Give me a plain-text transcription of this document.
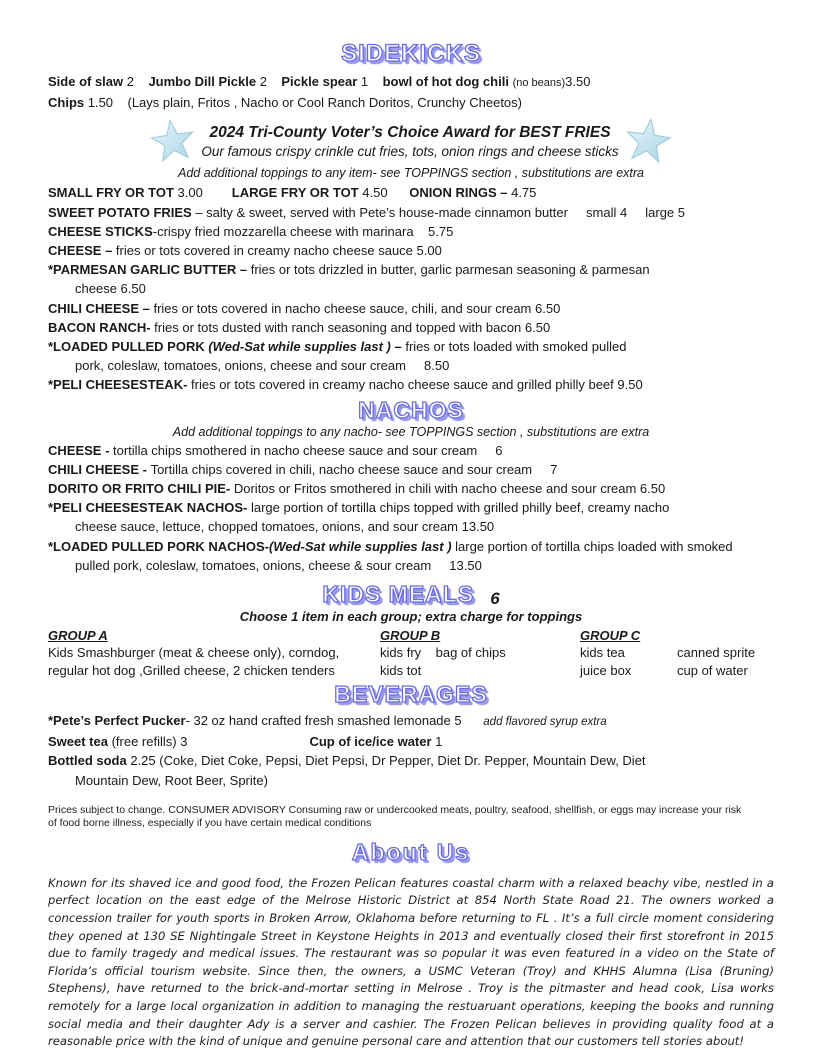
SIDEKICKS
Side of slaw 2 Jumbo Dill Pickle 2 Pickle spear 1 bowl of hot dog chili (no beans)3.50
Chips 1.50    (Lays plain, Fritos , Nacho or Cool Ranch Doritos, Crunchy Cheetos)
2024 Tri-County Voter’s Choice Award for BEST FRIES
Our famous crispy crinkle cut fries, tots, onion rings and cheese sticks
Add additional toppings to any item- see TOPPINGS section , substitutions are extra
SMALL FRY OR TOT 3.00 LARGE FRY OR TOT 4.50 ONION RINGS – 4.75
SWEET POTATO FRIES – salty & sweet, served with Pete’s house-made cinnamon butter     small 4     large 5
CHEESE STICKS-crispy fried mozzarella cheese with marinara    5.75
CHEESE – fries or tots covered in creamy nacho cheese sauce 5.00
*PARMESAN GARLIC BUTTER – fries or tots drizzled in butter, garlic parmesan seasoning & parmesan
cheese 6.50
CHILI CHEESE – fries or tots covered in nacho cheese sauce, chili, and sour cream 6.50
BACON RANCH- fries or tots dusted with ranch seasoning and topped with bacon 6.50
*LOADED PULLED PORK (Wed-Sat while supplies last ) – fries or tots loaded with smoked pulled
pork, coleslaw, tomatoes, onions, cheese and sour cream     8.50
*PELI CHEESESTEAK- fries or tots covered in creamy nacho cheese sauce and grilled philly beef 9.50
NACHOS
Add additional toppings to any nacho- see TOPPINGS section , substitutions are extra
CHEESE - tortilla chips smothered in nacho cheese sauce and sour cream     6
CHILI CHEESE - Tortilla chips covered in chili, nacho cheese sauce and sour cream     7
DORITO OR FRITO CHILI PIE- Doritos or Fritos smothered in chili with nacho cheese and sour cream 6.50
*PELI CHEESESTEAK NACHOS- large portion of tortilla chips topped with grilled philly beef, creamy nacho
cheese sauce, lettuce, chopped tomatoes, onions, and sour cream 13.50
*LOADED PULLED PORK NACHOS-(Wed-Sat while supplies last ) large portion of tortilla chips loaded with smoked
pulled pork, coleslaw, tomatoes, onions, cheese & sour cream     13.50
KIDS MEALS 6
Choose 1 item in each group; extra charge for toppings
GROUP A
Kids Smashburger (meat & cheese only), corndog,
regular hot dog ,Grilled cheese, 2 chicken tenders
GROUP B
kids fry    bag of chips
kids tot
GROUP C
kids tea	canned sprite
juice box	cup of water
BEVERAGES
*Pete’s Perfect Pucker- 32 oz hand crafted fresh smashed lemonade 5      add flavored syrup extra
Sweet tea (free refills) 3	Cup of ice/ice water 1
Bottled soda 2.25 (Coke, Diet Coke, Pepsi, Diet Pepsi, Dr Pepper, Diet Dr. Pepper, Mountain Dew, Diet
Mountain Dew, Root Beer, Sprite)
Prices subject to change. CONSUMER ADVISORY Consuming raw or undercooked meats, poultry, seafood, shellfish, or eggs may increase your risk of food borne illness, especially if you have certain medical conditions
About Us
Known for its shaved ice and good food, the Frozen Pelican features coastal charm with a relaxed beachy vibe, nestled in a perfect location on the east edge of the Melrose Historic District at 854 North State Road 21. The owners worked a concession trailer for youth sports in Broken Arrow, Oklahoma before returning to FL . It’s a full circle moment considering they opened at 130 SE Nightingale Street in Keystone Heights in 2013 and eventually closed their first storefront in 2015 due to family tragedy and medical issues. The restaurant was so popular it was even featured in a video on the State of Florida’s official tourism website. Since then, the owners, a USMC Veteran (Troy) and KHHS Alumna (Lisa (Bruning) Stephens), have returned to the brick-and-mortar setting in Melrose . Troy is the pitmaster and head cook, Lisa works remotely for a large local organization in addition to managing the restuaruant operations, keeping the books and running social media and their daughter Ady is a server and cashier. The Frozen Pelican believes in providing quality food at a reasonable price with the kind of unique and genuine personal care and attention that our customers tell stories about!
